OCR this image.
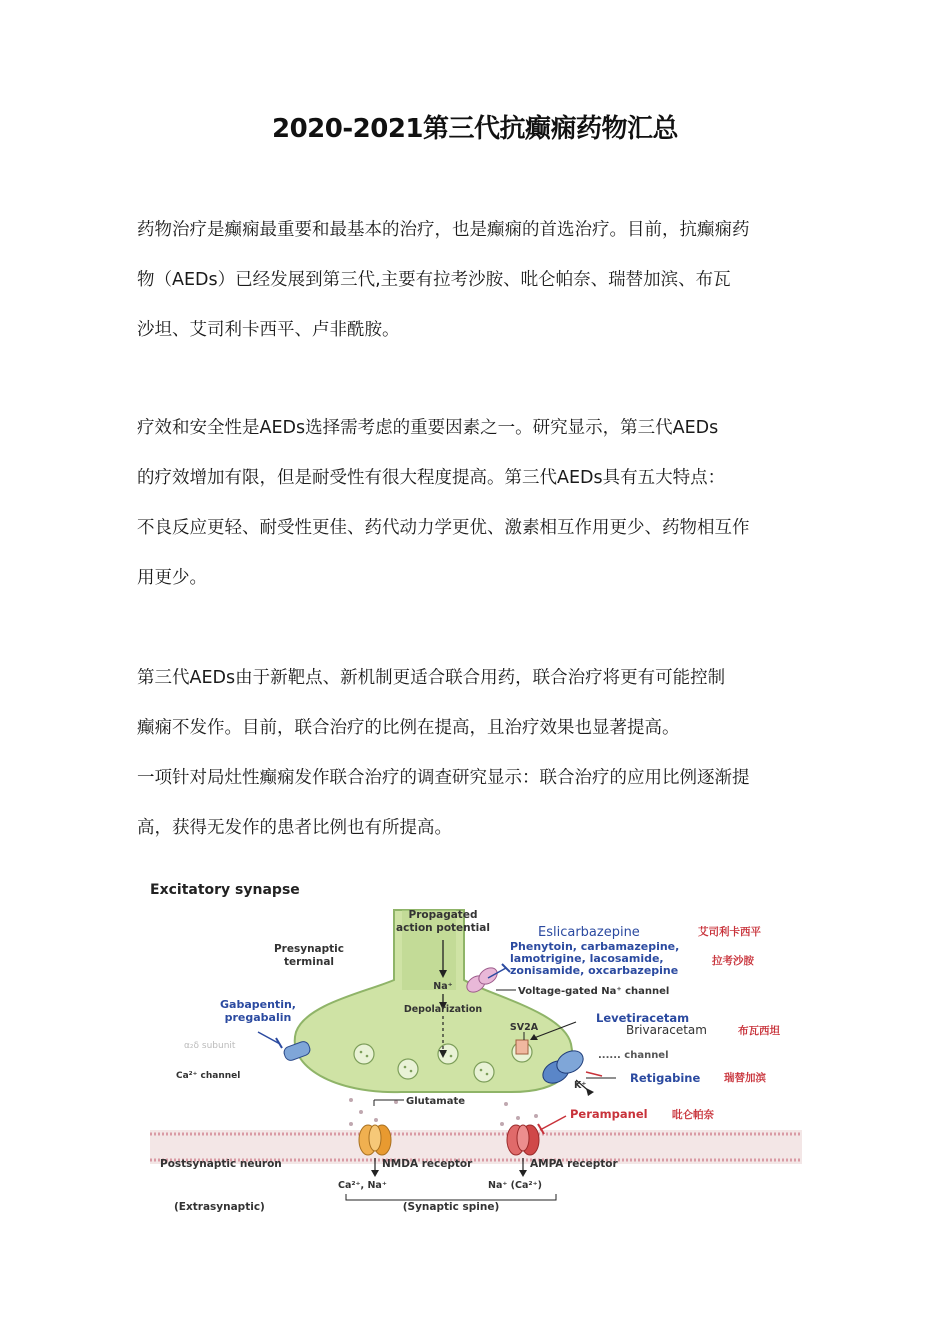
2020-2021第三代抗癫痫药物汇总
药物治疗是癫痫最重要和最基本的治疗，也是癫痫的首选治疗。目前，抗癫痫药
物（AEDs）已经发展到第三代,主要有拉考沙胺、吡仑帕奈、瑞替加滨、布瓦
沙坦、艾司利卡西平、卢非酰胺。
疗效和安全性是AEDs选择需考虑的重要因素之一。研究显示，第三代AEDs
的疗效增加有限，但是耐受性有很大程度提高。第三代AEDs具有五大特点：
不良反应更轻、耐受性更佳、药代动力学更优、激素相互作用更少、药物相互作
用更少。
第三代AEDs由于新靶点、新机制更适合联合用药，联合治疗将更有可能控制
癫痫不发作。目前，联合治疗的比例在提高，且治疗效果也显著提高。
一项针对局灶性癫痫发作联合治疗的调查研究显示：联合治疗的应用比例逐渐提
高，获得无发作的患者比例也有所提高。
Excitatory synapse
Propagated
action potential
Presynaptic
terminal
Na⁺
Depolarization
SV2A
Voltage-gated Na⁺ channel
...... channel
K⁺
Glutamate
Postsynaptic neuron	NMDA receptor	AMPA receptor
Ca²⁺, Na⁺	Na⁺ (Ca²⁺)
(Extrasynaptic)	(Synaptic spine)
α₂δ subunit
Ca²⁺ channel
Eslicarbazepine	艾司利卡西平
Phenytoin, carbamazepine,
lamotrigine, lacosamide,	拉考沙胺
zonisamide, oxcarbazepine
Gabapentin,
pregabalin	Levetiracetam
Brivaracetam	布瓦西坦
Retigabine 瑞替加滨
Perampanel 吡仑帕奈
